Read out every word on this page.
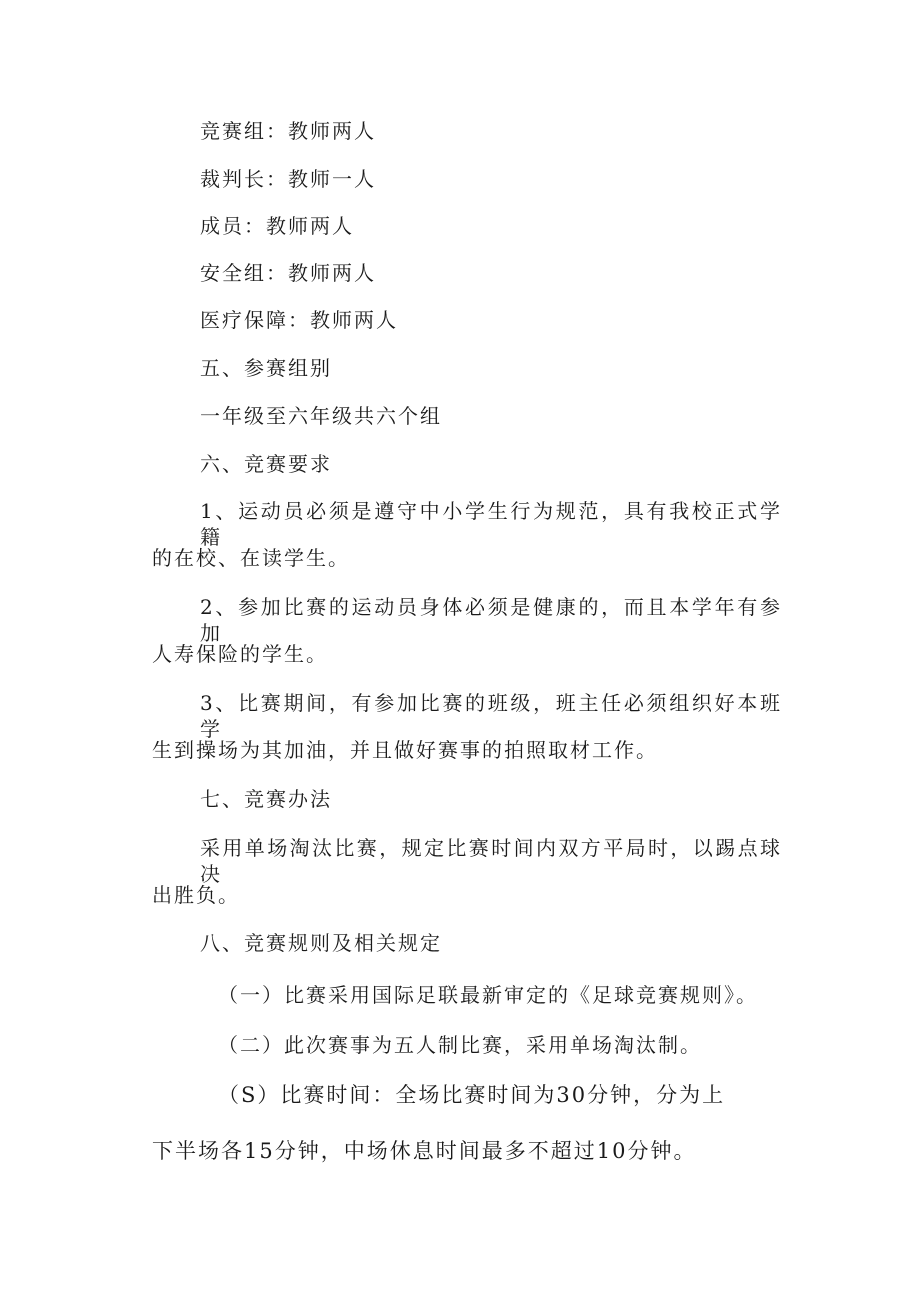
竞赛组：教师两人
裁判长：教师一人
成员：教师两人
安全组：教师两人
医疗保障：教师两人
五、参赛组别
一年级至六年级共六个组
六、竞赛要求
1、运动员必须是遵守中小学生行为规范，具有我校正式学籍
的在校、在读学生。
2、参加比赛的运动员身体必须是健康的，而且本学年有参加
人寿保险的学生。
3、比赛期间，有参加比赛的班级，班主任必须组织好本班学
生到操场为其加油，并且做好赛事的拍照取材工作。
七、竞赛办法
采用单场淘汰比赛，规定比赛时间内双方平局时，以踢点球决
出胜负。
八、竞赛规则及相关规定
（一）比赛采用国际足联最新审定的《足球竞赛规则》。
（二）此次赛事为五人制比赛，采用单场淘汰制。
（S）比赛时间：全场比赛时间为30分钟，分为上
下半场各15分钟，中场休息时间最多不超过10分钟。
